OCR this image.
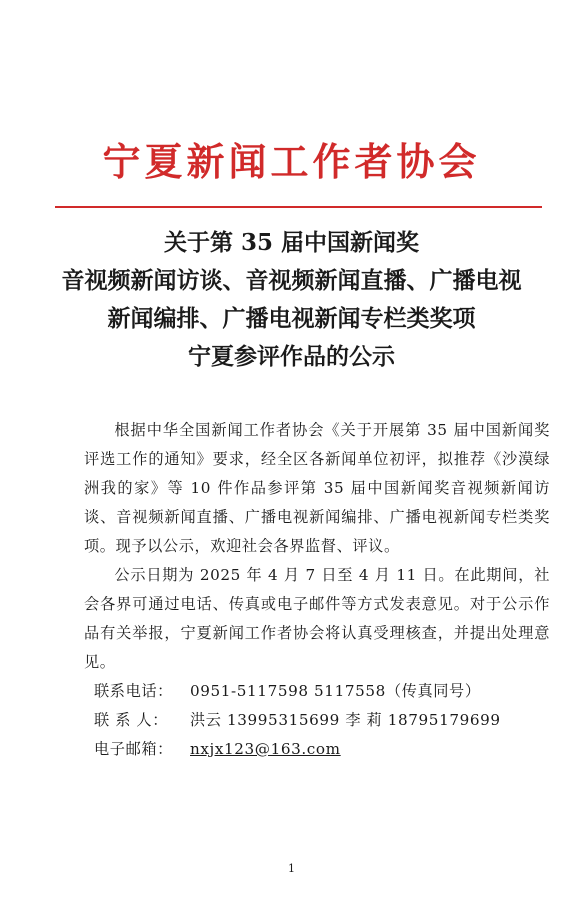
宁夏新闻工作者协会
关于第 35 届中国新闻奖
音视频新闻访谈、音视频新闻直播、广播电视
新闻编排、广播电视新闻专栏类奖项
宁夏参评作品的公示

根据中华全国新闻工作者协会《关于开展第 35 届中国新闻奖评选工作的通知》要求，经全区各新闻单位初评，拟推荐《沙漠绿洲我的家》等 10 件作品参评第 35 届中国新闻奖音视频新闻访谈、音视频新闻直播、广播电视新闻编排、广播电视新闻专栏类奖项。现予以公示，欢迎社会各界监督、评议。

公示日期为 2025 年 4 月 7 日至 4 月 11 日。在此期间，社会各界可通过电话、传真或电子邮件等方式发表意见。对于公示作品有关举报，宁夏新闻工作者协会将认真受理核查，并提出处理意见。

联系电话： 0951-5117598 5117558（传真同号）

联 系 人： 洪云 13995315699 李 莉 18795179699

电子邮箱： nxjx123@163.com

1
